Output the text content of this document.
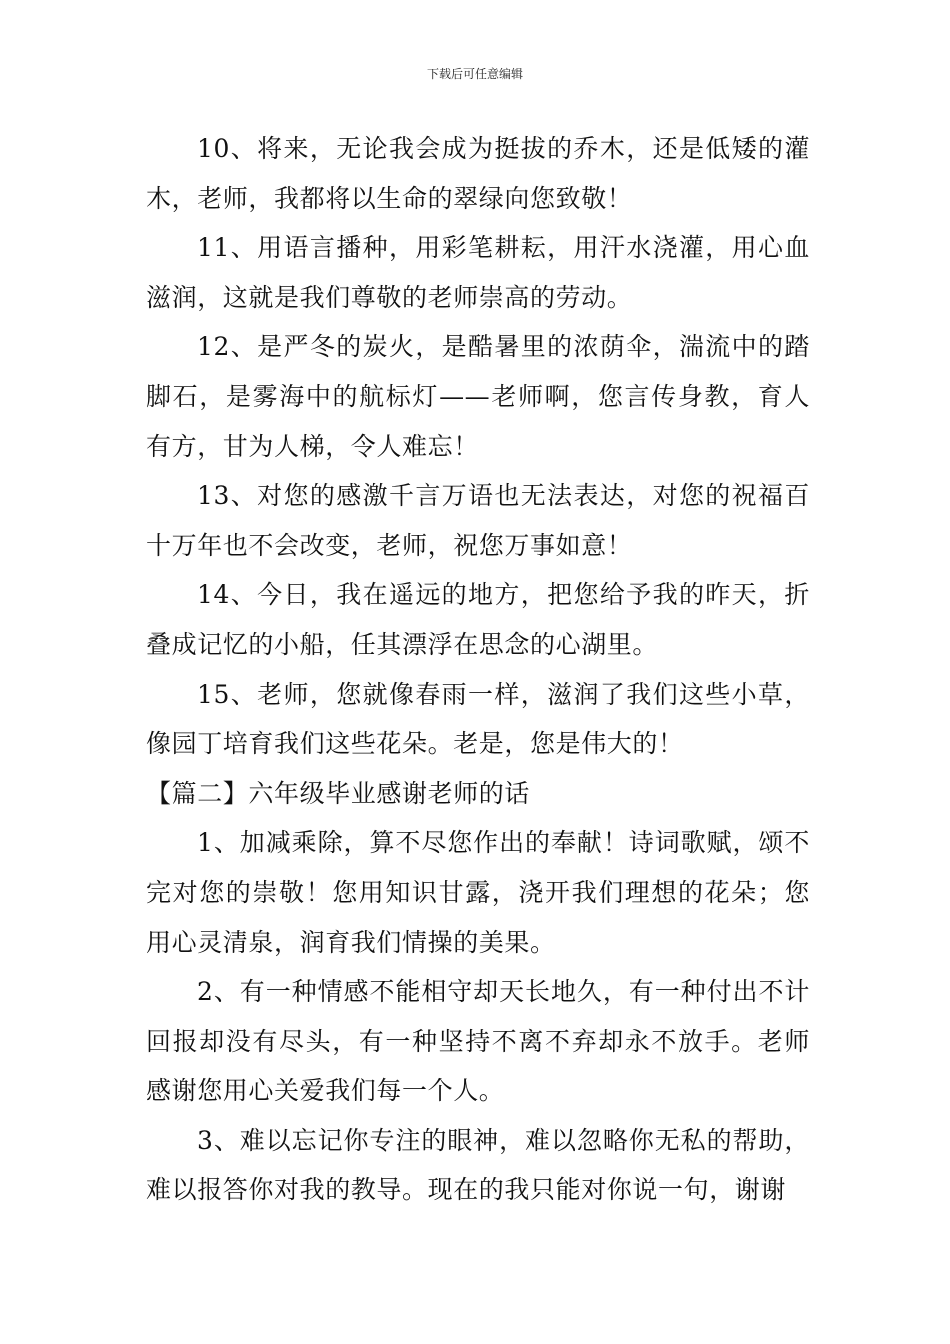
下载后可任意编辑

10、将来，无论我会成为挺拔的乔木，还是低矮的灌木，老师，我都将以生命的翠绿向您致敬！

11、用语言播种，用彩笔耕耘，用汗水浇灌，用心血滋润，这就是我们尊敬的老师崇高的劳动。

12、是严冬的炭火，是酷暑里的浓荫伞，湍流中的踏脚石，是雾海中的航标灯——老师啊，您言传身教，育人有方，甘为人梯，令人难忘！

13、对您的感激千言万语也无法表达，对您的祝福百十万年也不会改变，老师，祝您万事如意！

14、今日，我在遥远的地方，把您给予我的昨天，折叠成记忆的小船，任其漂浮在思念的心湖里。

15、老师，您就像春雨一样，滋润了我们这些小草，像园丁培育我们这些花朵。老是，您是伟大的！

【篇二】六年级毕业感谢老师的话

1、加减乘除，算不尽您作出的奉献！诗词歌赋，颂不完对您的崇敬！您用知识甘露，浇开我们理想的花朵；您用心灵清泉，润育我们情操的美果。

2、有一种情感不能相守却天长地久，有一种付出不计回报却没有尽头，有一种坚持不离不弃却永不放手。老师感谢您用心关爱我们每一个人。

3、难以忘记你专注的眼神，难以忽略你无私的帮助，难以报答你对我的教导。现在的我只能对你说一句，谢谢
